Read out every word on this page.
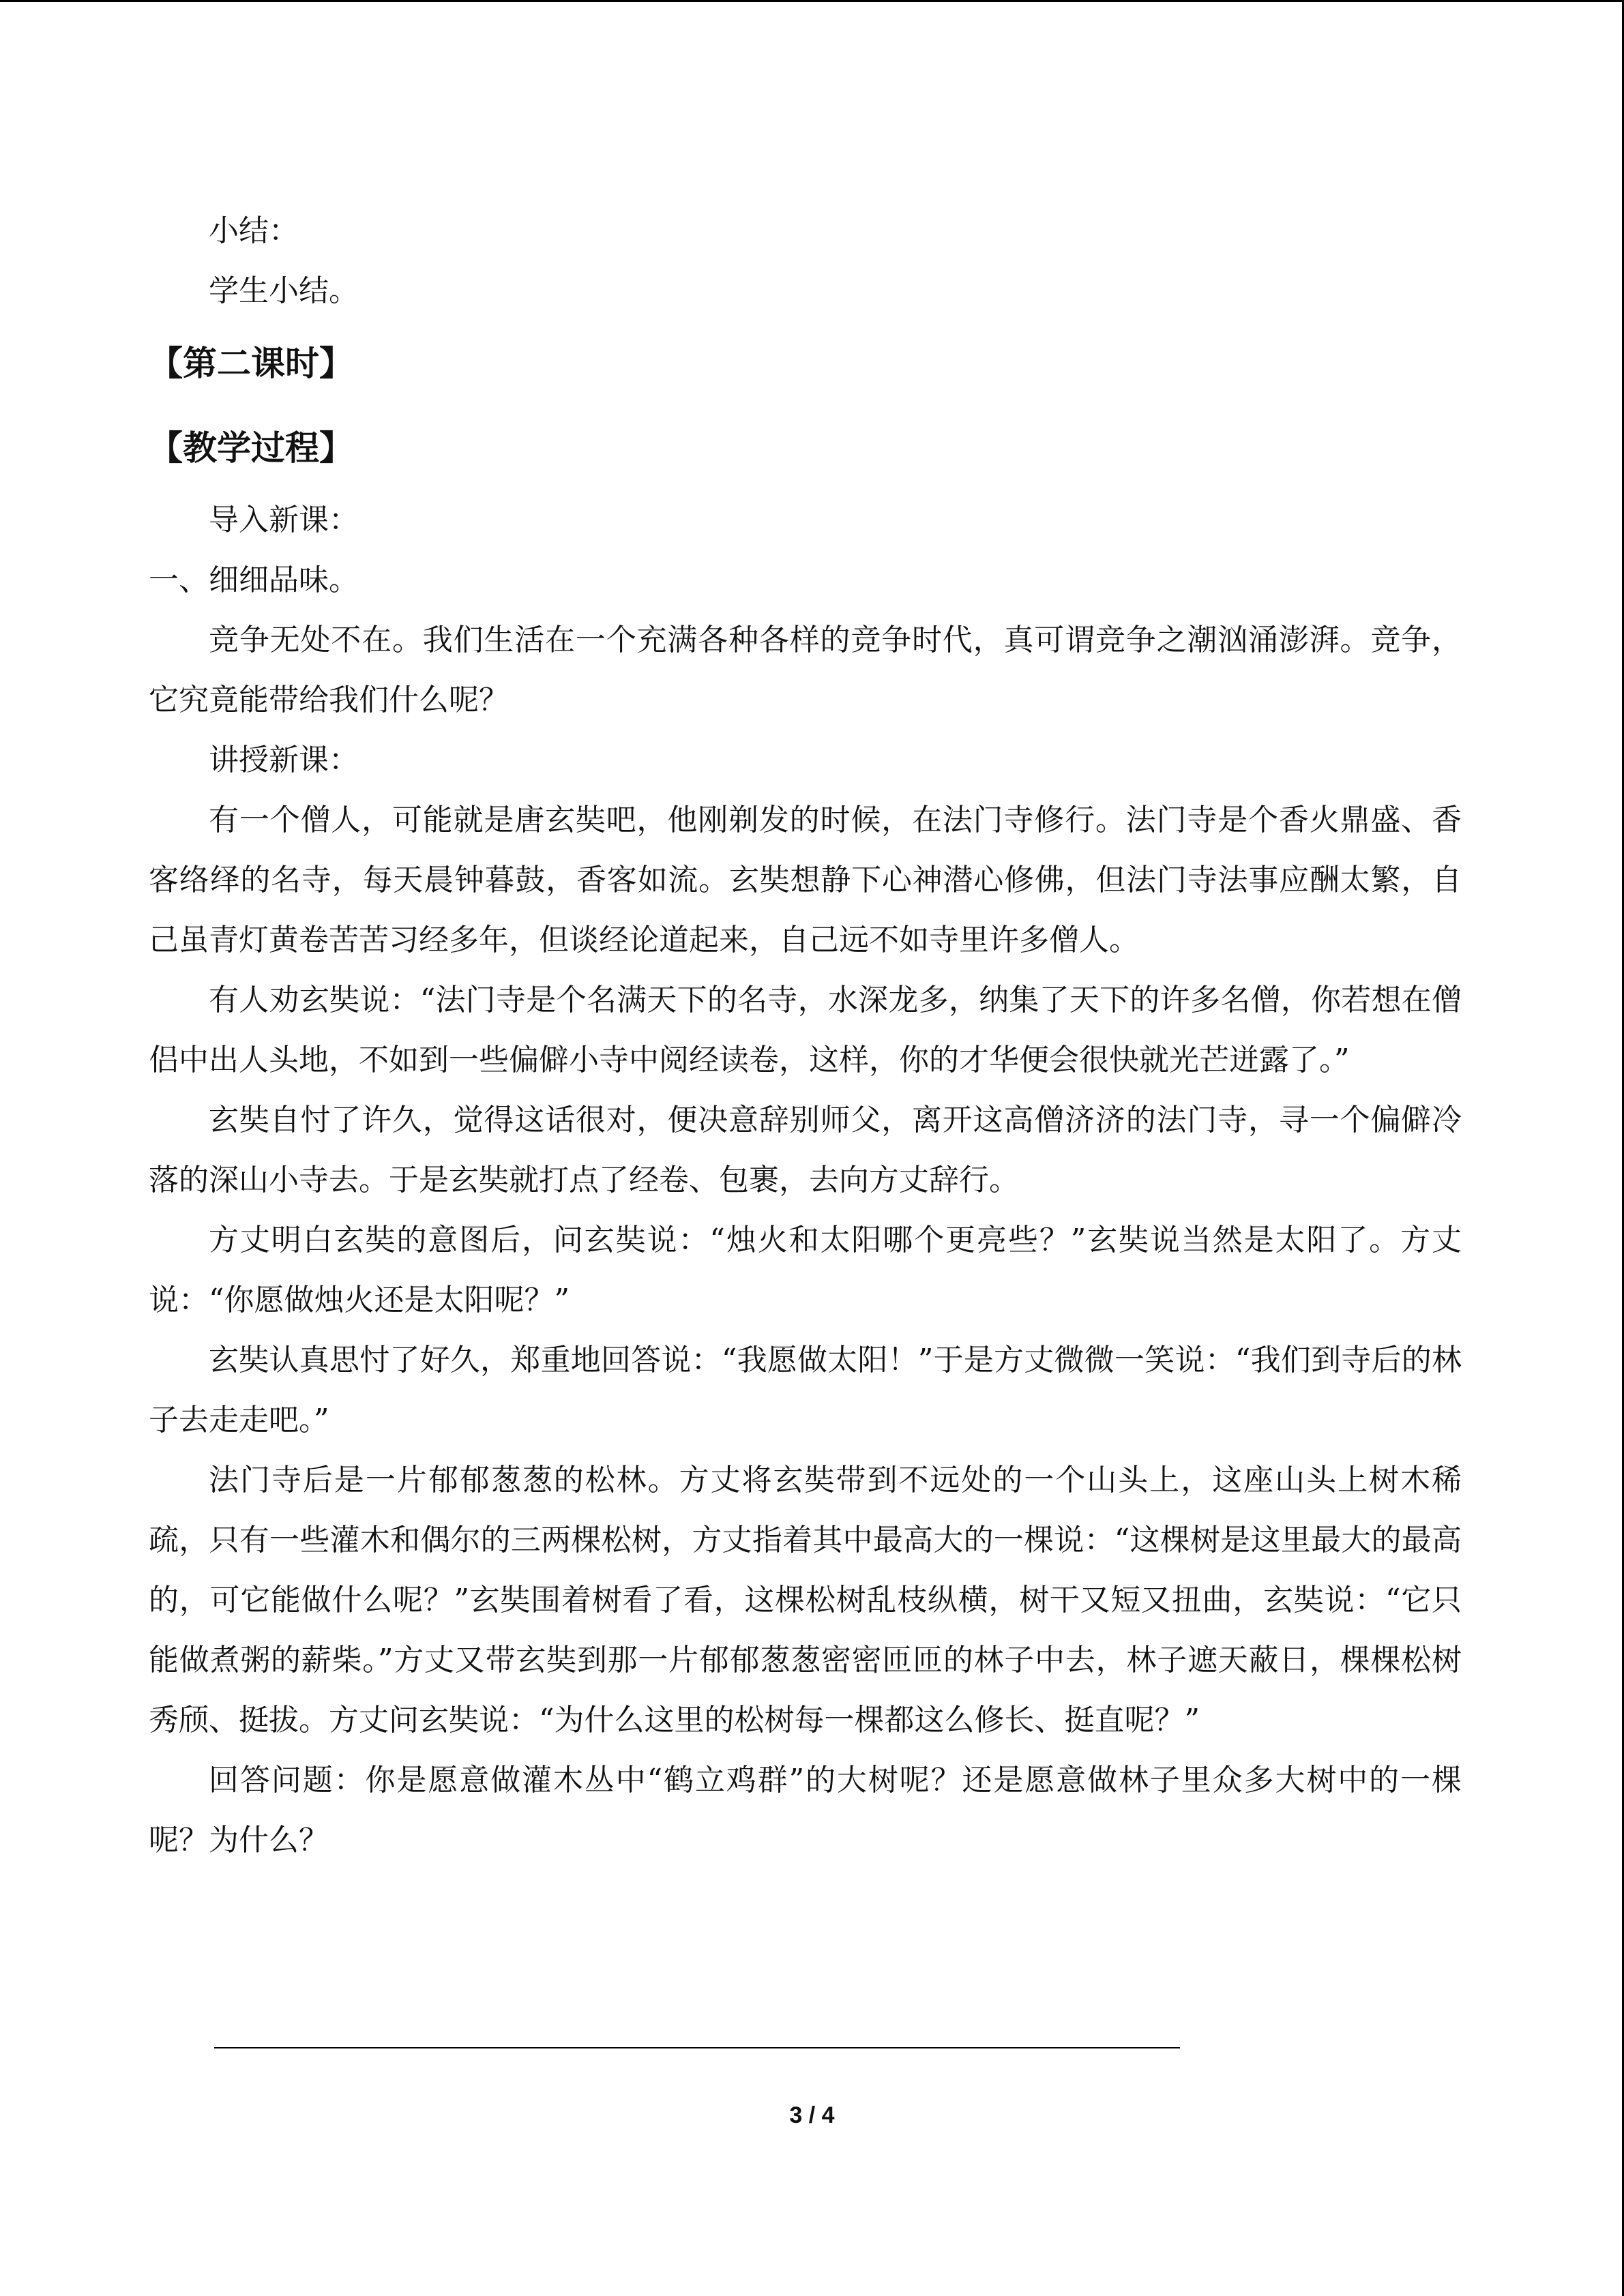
小结：

学生小结。

【第二课时】

【教学过程】

导入新课：

一、细细品味。

竞争无处不在。我们生活在一个充满各种各样的竞争时代，真可谓竞争之潮汹涌澎湃。竞争，它究竟能带给我们什么呢？

讲授新课：

有一个僧人，可能就是唐玄奘吧，他刚剃发的时候，在法门寺修行。法门寺是个香火鼎盛、香客络绎的名寺，每天晨钟暮鼓，香客如流。玄奘想静下心神潜心修佛，但法门寺法事应酬太繁，自己虽青灯黄卷苦苦习经多年，但谈经论道起来，自己远不如寺里许多僧人。

有人劝玄奘说：“法门寺是个名满天下的名寺，水深龙多，纳集了天下的许多名僧，你若想在僧侣中出人头地，不如到一些偏僻小寺中阅经读卷，这样，你的才华便会很快就光芒迸露了。”

玄奘自忖了许久，觉得这话很对，便决意辞别师父，离开这高僧济济的法门寺，寻一个偏僻冷落的深山小寺去。于是玄奘就打点了经卷、包裹，去向方丈辞行。

方丈明白玄奘的意图后，问玄奘说：“烛火和太阳哪个更亮些？”玄奘说当然是太阳了。方丈说：“你愿做烛火还是太阳呢？”

玄奘认真思忖了好久，郑重地回答说：“我愿做太阳！”于是方丈微微一笑说：“我们到寺后的林子去走走吧。”

法门寺后是一片郁郁葱葱的松林。方丈将玄奘带到不远处的一个山头上，这座山头上树木稀疏，只有一些灌木和偶尔的三两棵松树，方丈指着其中最高大的一棵说：“这棵树是这里最大的最高的，可它能做什么呢？”玄奘围着树看了看，这棵松树乱枝纵横，树干又短又扭曲，玄奘说：“它只能做煮粥的薪柴。”方丈又带玄奘到那一片郁郁葱葱密密匝匝的林子中去，林子遮天蔽日，棵棵松树秀颀、挺拔。方丈问玄奘说：“为什么这里的松树每一棵都这么修长、挺直呢？”

回答问题：你是愿意做灌木丛中“鹤立鸡群”的大树呢？还是愿意做林子里众多大树中的一棵呢？为什么？

3 / 4
